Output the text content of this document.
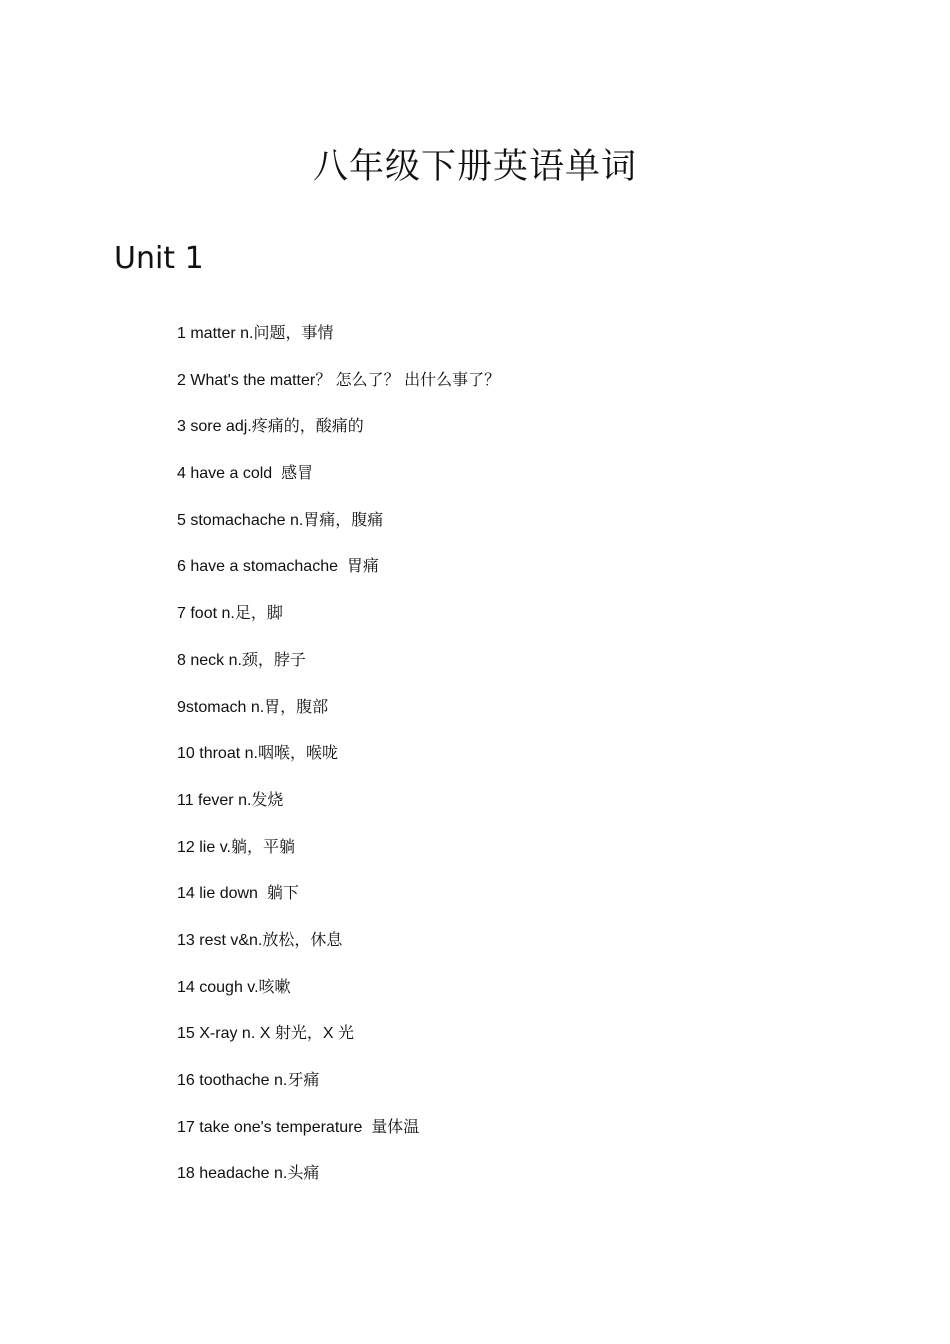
八年级下册英语单词
Unit 1
1 matter n.问题，事情
2 What's the matter？ 怎么了？ 出什么事了？
3 sore adj.疼痛的，酸痛的
4 have a cold  感冒
5 stomachache n.胃痛，腹痛
6 have a stomachache  胃痛
7 foot n.足，脚
8 neck n.颈，脖子
9stomach n.胃，腹部
10 throat n.咽喉，喉咙
11 fever n.发烧
12 lie v.躺，平躺
14 lie down  躺下
13 rest v&n.放松，休息
14 cough v.咳嗽
15 X-ray n. X 射光，X 光
16 toothache n.牙痛
17 take one's temperature  量体温
18 headache n.头痛
